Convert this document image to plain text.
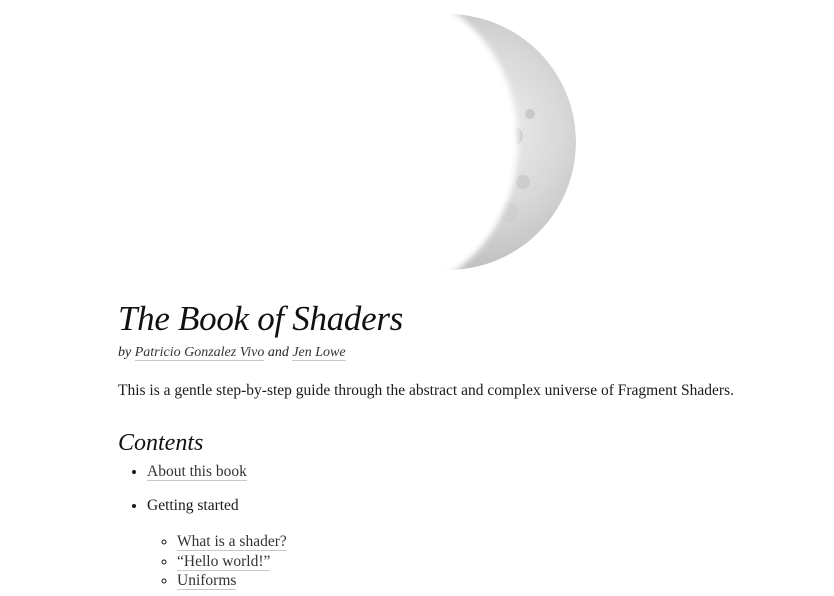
The Book of Shaders

by Patricio Gonzalez Vivo and Jen Lowe

This is a gentle step-by-step guide through the abstract and complex universe of Fragment Shaders.

Contents
• About this book
• Getting started
◦ What is a shader?
◦ “Hello world!”
◦ Uniforms
